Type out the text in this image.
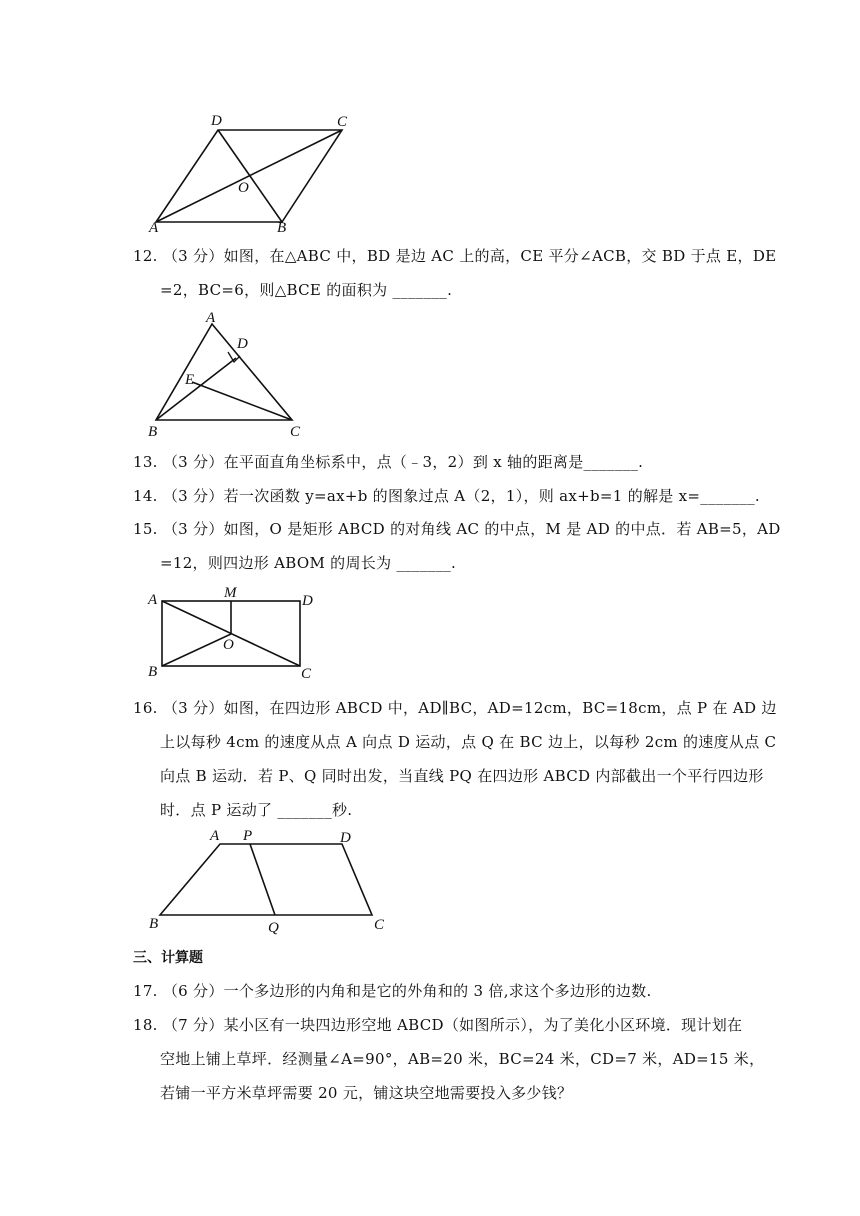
D	C
O
A	B
12. （3 分）如图，在△ABC 中，BD 是边 AC 上的高，CE 平分∠ACB，交 BD 于点 E，DE
=2，BC=6，则△BCE 的面积为 _______.
A
D
E
B	C
13. （3 分）在平面直角坐标系中，点（﹣3，2）到 x 轴的距离是_______.
14. （3 分）若一次函数 y=ax+b 的图象过点 A（2，1），则 ax+b=1 的解是 x=_______.
15. （3 分）如图，O 是矩形 ABCD 的对角线 AC 的中点，M 是 AD 的中点．若 AB=5，AD
=12，则四边形 ABOM 的周长为 _______.
A	M	D
O
B	C
16. （3 分）如图，在四边形 ABCD 中，AD∥BC，AD=12cm，BC=18cm，点 P 在 AD 边
上以每秒 4cm 的速度从点 A 向点 D 运动，点 Q 在 BC 边上，以每秒 2cm 的速度从点 C
向点 B 运动．若 P、Q 同时出发，当直线 PQ 在四边形 ABCD 内部截出一个平行四边形
时．点 P 运动了 _______秒.
A P	D
B	Q	C
三、计算题
17. （6 分）一个多边形的内角和是它的外角和的 3 倍,求这个多边形的边数.
18. （7 分）某小区有一块四边形空地 ABCD（如图所示），为了美化小区环境．现计划在
空地上铺上草坪．经测量∠A=90°，AB=20 米，BC=24 米，CD=7 米，AD=15 米，
若铺一平方米草坪需要 20 元，铺这块空地需要投入多少钱？
